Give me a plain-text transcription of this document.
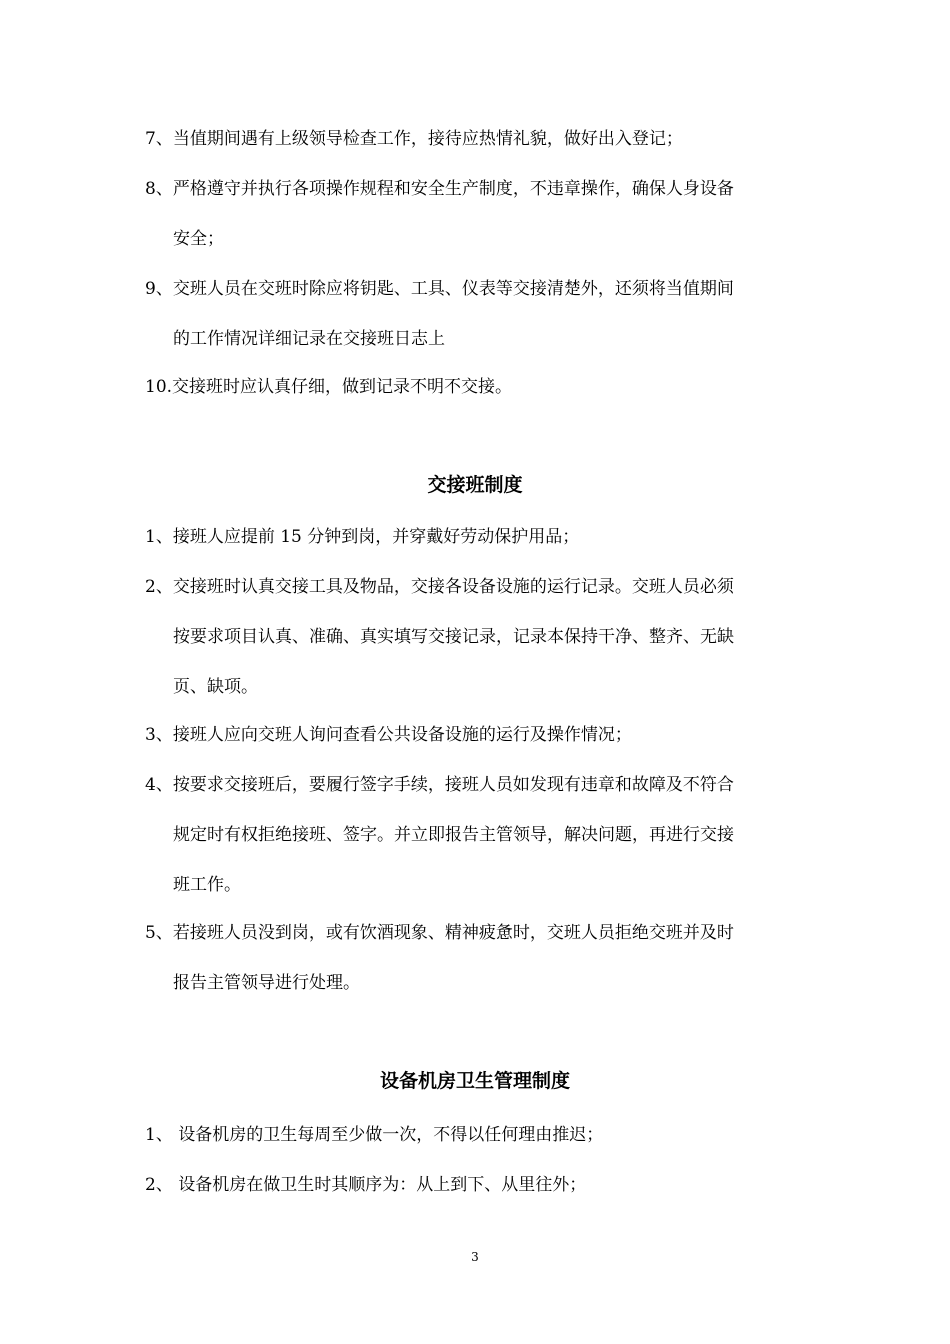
7、当值期间遇有上级领导检查工作，接待应热情礼貌，做好出入登记；
8、严格遵守并执行各项操作规程和安全生产制度，不违章操作，确保人身设备
安全；
9、交班人员在交班时除应将钥匙、工具、仪表等交接清楚外，还须将当值期间
的工作情况详细记录在交接班日志上
10.交接班时应认真仔细，做到记录不明不交接。
交接班制度
1、接班人应提前 15 分钟到岗，并穿戴好劳动保护用品；
2、交接班时认真交接工具及物品，交接各设备设施的运行记录。交班人员必须
按要求项目认真、准确、真实填写交接记录，记录本保持干净、整齐、无缺
页、缺项。
3、接班人应向交班人询问查看公共设备设施的运行及操作情况；
4、按要求交接班后，要履行签字手续，接班人员如发现有违章和故障及不符合
规定时有权拒绝接班、签字。并立即报告主管领导，解决问题，再进行交接
班工作。
5、若接班人员没到岗，或有饮酒现象、精神疲惫时，交班人员拒绝交班并及时
报告主管领导进行处理。
设备机房卫生管理制度
1、 设备机房的卫生每周至少做一次，不得以任何理由推迟；
2、 设备机房在做卫生时其顺序为：从上到下、从里往外；
3
